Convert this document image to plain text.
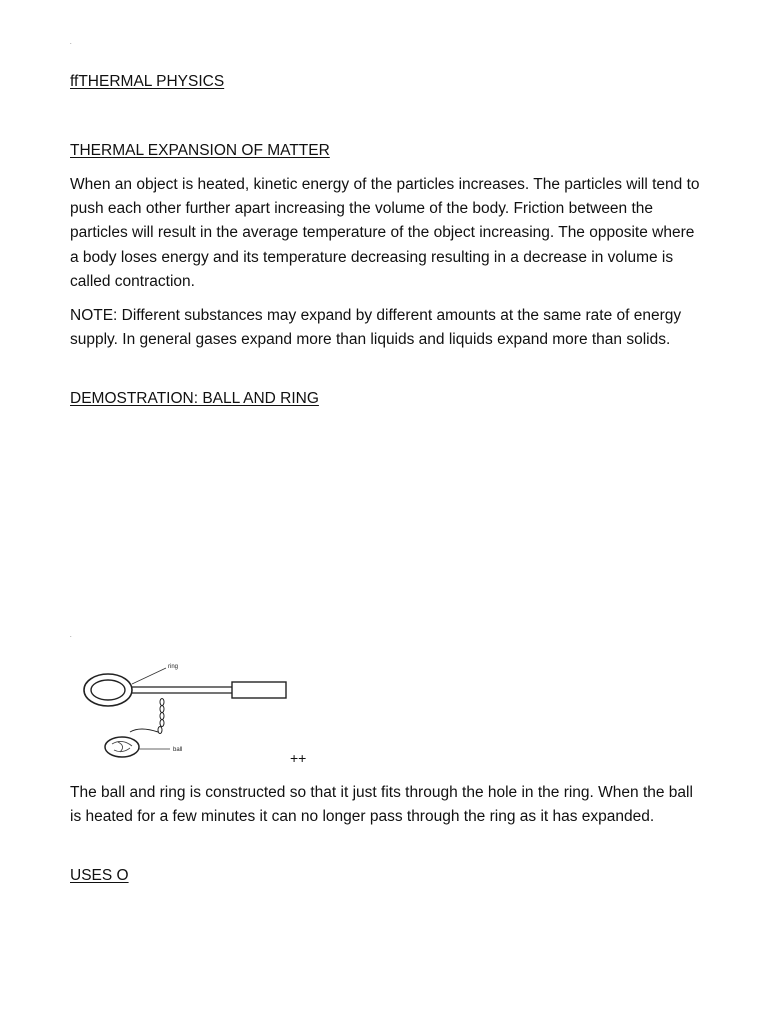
.
ffTHERMAL PHYSICS
THERMAL EXPANSION OF MATTER

When an object is heated, kinetic energy of the particles increases. The particles will tend to push each other further apart increasing the volume of the body. Friction between the particles will result in the average temperature of the object increasing. The opposite where a body loses energy and its temperature decreasing resulting in a decrease in volume is called contraction.

NOTE: Different substances may expand by different amounts at the same rate of energy supply. In general gases expand more than liquids and liquids expand more than solids.

DEMOSTRATION: BALL AND RING
.
ring
ball	++

The ball and ring is constructed so that it just fits through the hole in the ring. When the ball is heated for a few minutes it can no longer pass through the ring as it has expanded.

USES O
